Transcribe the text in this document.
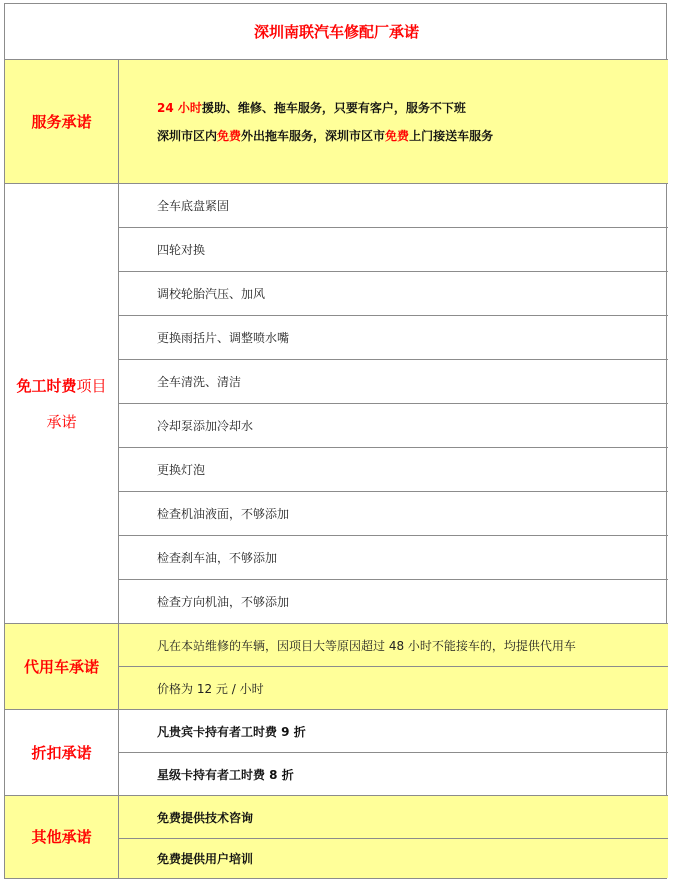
深圳南联汽车修配厂承诺
服务承诺
24 小时援助、维修、拖车服务，只要有客户，服务不下班
深圳市区内免费外出拖车服务，深圳市区市免费上门接送车服务
免工时费项目
承诺
全车底盘紧固
四轮对换
调校轮胎汽压、加风
更换雨括片、调整喷水嘴
全车清洗、清洁
冷却泵添加冷却水
更换灯泡
检查机油液面，不够添加
检查刹车油，不够添加
检查方向机油，不够添加
代用车承诺
凡在本站维修的车辆，因项目大等原因超过 48 小时不能接车的，均提供代用车
价格为 12 元 / 小时
折扣承诺
凡贵宾卡持有者工时费 9 折
星级卡持有者工时费 8 折
其他承诺
免费提供技术咨询
免费提供用户培训
